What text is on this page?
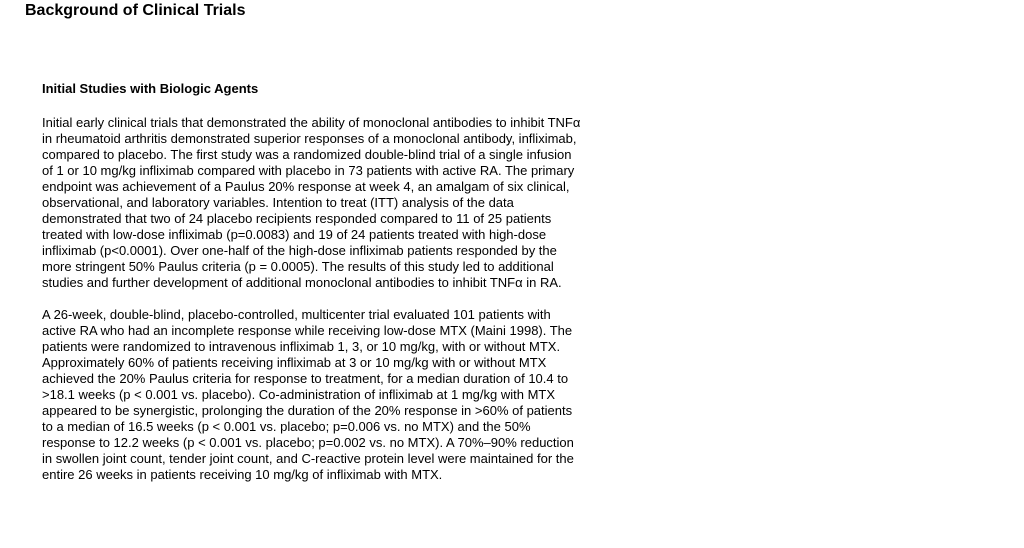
Background of Clinical Trials
Initial Studies with Biologic Agents

Initial early clinical trials that demonstrated the ability of monoclonal antibodies to inhibit TNFα
in rheumatoid arthritis demonstrated superior responses of a monoclonal antibody, infliximab,
compared to placebo. The first study was a randomized double-blind trial of a single infusion
of 1 or 10 mg/kg infliximab compared with placebo in 73 patients with active RA. The primary
endpoint was achievement of a Paulus 20% response at week 4, an amalgam of six clinical,
observational, and laboratory variables. Intention to treat (ITT) analysis of the data
demonstrated that two of 24 placebo recipients responded compared to 11 of 25 patients
treated with low-dose infliximab (p=0.0083) and 19 of 24 patients treated with high-dose
infliximab (p<0.0001). Over one-half of the high-dose infliximab patients responded by the
more stringent 50% Paulus criteria (p = 0.0005). The results of this study led to additional
studies and further development of additional monoclonal antibodies to inhibit TNFα in RA.

A 26-week, double-blind, placebo-controlled, multicenter trial evaluated 101 patients with
active RA who had an incomplete response while receiving low-dose MTX (Maini 1998). The
patients were randomized to intravenous infliximab 1, 3, or 10 mg/kg, with or without MTX.
Approximately 60% of patients receiving infliximab at 3 or 10 mg/kg with or without MTX
achieved the 20% Paulus criteria for response to treatment, for a median duration of 10.4 to
>18.1 weeks (p < 0.001 vs. placebo). Co-administration of infliximab at 1 mg/kg with MTX
appeared to be synergistic, prolonging the duration of the 20% response in >60% of patients
to a median of 16.5 weeks (p < 0.001 vs. placebo; p=0.006 vs. no MTX) and the 50%
response to 12.2 weeks (p < 0.001 vs. placebo; p=0.002 vs. no MTX). A 70%–90% reduction
in swollen joint count, tender joint count, and C-reactive protein level were maintained for the
entire 26 weeks in patients receiving 10 mg/kg of infliximab with MTX.
